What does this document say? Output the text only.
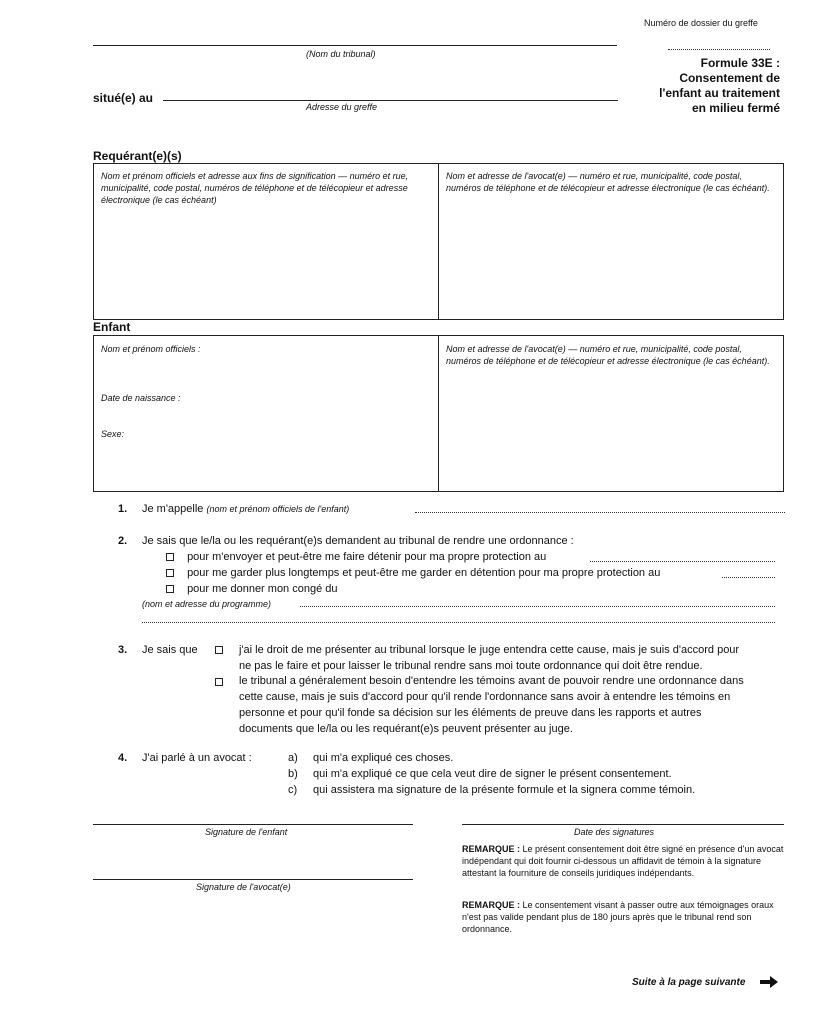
Numéro de dossier du greffe
(Nom du tribunal)
situé(e) au
Adresse du greffe
Formule 33E :
Consentement de
l'enfant au traitement
en milieu fermé
Requérant(e)(s)
Nom et prénom officiels et adresse aux fins de signification — numéro et rue, municipalité, code postal, numéros de téléphone et de télécopieur et adresse électronique (le cas échéant)
Nom et adresse de l'avocat(e) — numéro et rue, municipalité, code postal, numéros de téléphone et de télécopieur et adresse électronique (le cas échéant).
Enfant
Nom et prénom officiels :
Date de naissance :
Sexe:
Nom et adresse de l'avocat(e) — numéro et rue, municipalité, code postal, numéros de téléphone et de télécopieur et adresse électronique (le cas échéant).
1. Je m'appelle (nom et prénom officiels de l'enfant)
2. Je sais que le/la ou les requérant(e)s demandent au tribunal de rendre une ordonnance :
pour m'envoyer et peut-être me faire détenir pour ma propre protection au
pour me garder plus longtemps et peut-être me garder en détention pour ma propre protection au
pour me donner mon congé du
(nom et adresse du programme)
3. Je sais que	j'ai le droit de me présenter au tribunal lorsque le juge entendra cette cause, mais je suis d'accord pour
ne pas le faire et pour laisser le tribunal rendre sans moi toute ordonnance qui doit être rendue.
le tribunal a généralement besoin d'entendre les témoins avant de pouvoir rendre une ordonnance dans
cette cause, mais je suis d'accord pour qu'il rende l'ordonnance sans avoir à entendre les témoins en
personne et pour qu'il fonde sa décision sur les éléments de preuve dans les rapports et autres
documents que le/la ou les requérant(e)s peuvent présenter au juge.
4. J'ai parlé à un avocat :	a) qui m'a expliqué ces choses.
b) qui m'a expliqué ce que cela veut dire de signer le présent consentement.
c) qui assistera ma signature de la présente formule et la signera comme témoin.
Signature de l'enfant
Signature de l'avocat(e)
Date des signatures
REMARQUE : Le présent consentement doit être signé en présence d'un avocat indépendant qui doit fournir ci-dessous un affidavit de témoin à la signature attestant la fourniture de conseils juridiques indépendants.
REMARQUE : Le consentement visant à passer outre aux témoignages oraux n'est pas valide pendant plus de 180 jours après que le tribunal rend son ordonnance.
Suite à la page suivante
